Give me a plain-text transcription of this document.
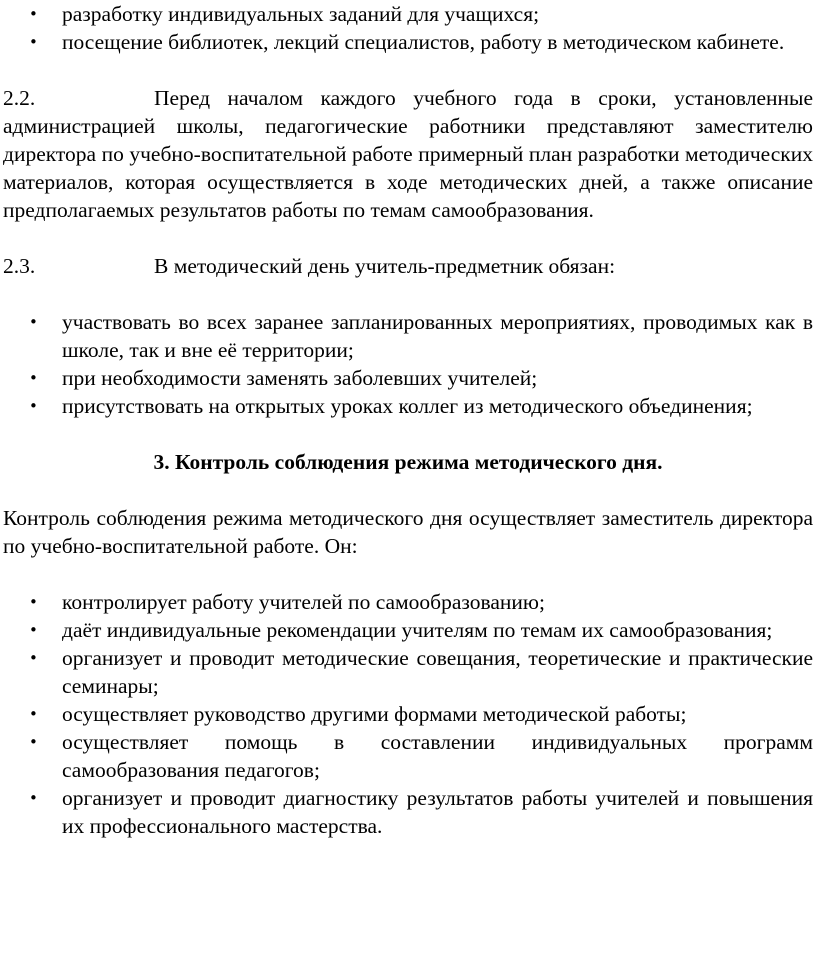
• разработку индивидуальных заданий для учащихся;
• посещение библиотек, лекций специалистов, работу в методическом кабинете.

2.2.	Перед началом каждого учебного года в сроки, установленные администрацией школы, педагогические работники представляют заместителю директора по учебно-воспитательной работе примерный план разработки методических материалов, которая осуществляется в ходе методических дней, а также описание предполагаемых результатов работы по темам самообразования.

2.3.	В методический день учитель-предметник обязан:

• участвовать во всех заранее запланированных мероприятиях, проводимых как в школе, так и вне её территории;
• при необходимости заменять заболевших учителей;
• присутствовать на открытых уроках коллег из методического объединения;

3. Контроль соблюдения режима методического дня.

Контроль соблюдения режима методического дня осуществляет заместитель директора по учебно-воспитательной работе. Он:

• контролирует работу учителей по самообразованию;
• даёт индивидуальные рекомендации учителям по темам их самообразования;
• организует и проводит методические совещания, теоретические и практические семинары;
• осуществляет руководство другими формами методической работы;
• осуществляет помощь в составлении индивидуальных программ самообразования педагогов;
• организует и проводит диагностику результатов работы учителей и повышения их профессионального мастерства.
